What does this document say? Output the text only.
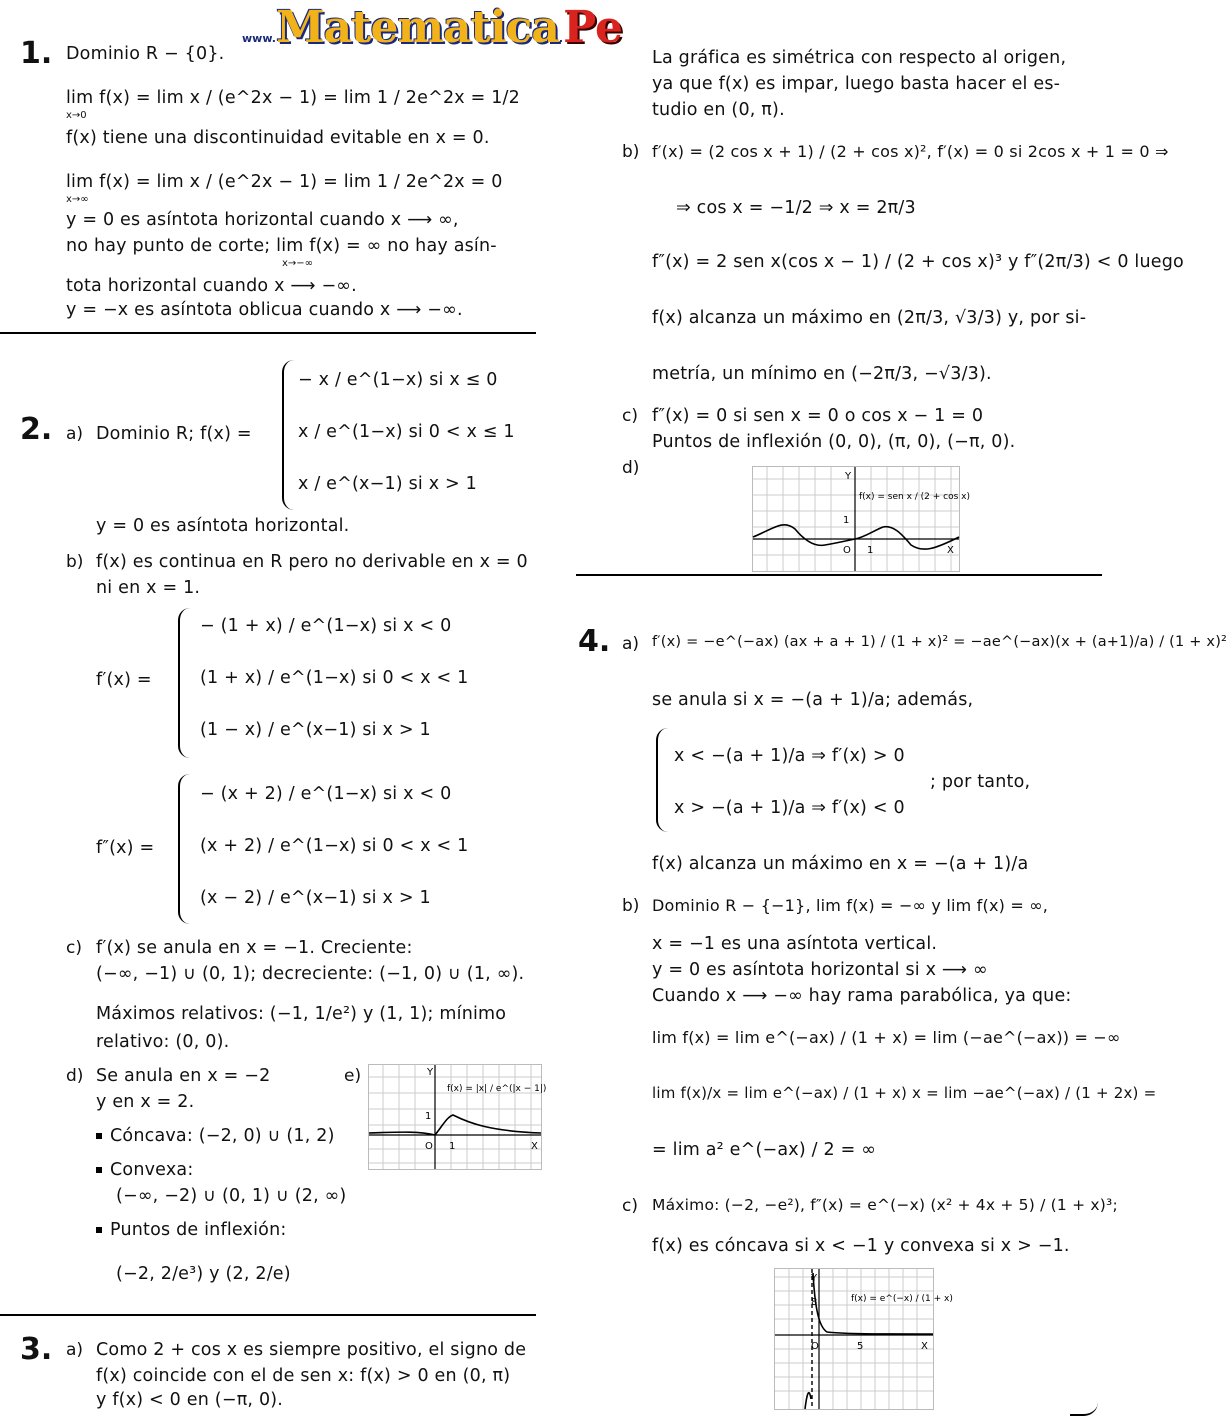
www.Matematica.Pe
1. Dominio R − {0}.
lim f(x) = lim x / (e^2x − 1) = lim 1 / 2e^2x = 1/2
x→0
f(x) tiene una discontinuidad evitable en x = 0.
lim f(x) = lim x / (e^2x − 1) = lim 1 / 2e^2x = 0
x→∞
y = 0 es asíntota horizontal cuando x ⟶ ∞,
no hay punto de corte; lim f(x) = ∞ no hay asín-
x→−∞
tota horizontal cuando x ⟶ −∞.
y = −x es asíntota oblicua cuando x ⟶ −∞.
2. a) Dominio R; f(x) =
− x / e^(1−x) si x ≤ 0
x / e^(1−x) si 0 < x ≤ 1
x / e^(x−1) si x > 1
y = 0 es asíntota horizontal.
b) f(x) es continua en R pero no derivable en x = 0
ni en x = 1.
f′(x) =
− (1 + x) / e^(1−x) si x < 0
(1 + x) / e^(1−x) si 0 < x < 1
(1 − x) / e^(x−1) si x > 1
f″(x) =
− (x + 2) / e^(1−x) si x < 0
(x + 2) / e^(1−x) si 0 < x < 1
(x − 2) / e^(x−1) si x > 1
c) f′(x) se anula en x = −1. Creciente:
(−∞, −1) ∪ (0, 1); decreciente: (−1, 0) ∪ (1, ∞).
Máximos relativos: (−1, 1/e²) y (1, 1); mínimo
relativo: (0, 0).
d) Se anula en x = −2
y en x = 2.
Cóncava: (−2, 0) ∪ (1, 2)
Convexa:
(−∞, −2) ∪ (0, 1) ∪ (2, ∞)
Puntos de inflexión:
(−2, 2/e³) y (2, 2/e)
e)	Y
X
O 1
1
f(x) = |x| / e^(|x − 1|)
3. a) Como 2 + cos x es siempre positivo, el signo de
f(x) coincide con el de sen x: f(x) > 0 en (0, π)
y f(x) < 0 en (−π, 0).
La gráfica es simétrica con respecto al origen,
ya que f(x) es impar, luego basta hacer el es-
tudio en (0, π).
b) f′(x) = (2 cos x + 1) / (2 + cos x)², f′(x) = 0 si 2cos x + 1 = 0 ⇒
⇒ cos x = −1/2 ⇒ x = 2π/3
f″(x) = 2 sen x(cos x − 1) / (2 + cos x)³ y f″(2π/3) < 0 luego
f(x) alcanza un máximo en (2π/3, √3/3) y, por si-
metría, un mínimo en (−2π/3, −√3/3).
c) f″(x) = 0 si sen x = 0 o cos x − 1 = 0
Puntos de inflexión (0, 0), (π, 0), (−π, 0).
d)	Y
X
O 1
1
f(x) = sen x / (2 + cos x)
4. a) f′(x) = −e^(−ax) (ax + a + 1) / (1 + x)² = −ae^(−ax)(x + (a+1)/a) / (1 + x)²
se anula si x = −(a + 1)/a; además,
x < −(a + 1)/a ⇒ f′(x) > 0
x > −(a + 1)/a ⇒ f′(x) < 0
; por tanto,
f(x) alcanza un máximo en x = −(a + 1)/a
b) Dominio R − {−1}, lim f(x) = −∞ y lim f(x) = ∞,
x = −1 es una asíntota vertical.
y = 0 es asíntota horizontal si x ⟶ ∞
Cuando x ⟶ −∞ hay rama parabólica, ya que:
lim f(x) = lim e^(−ax) / (1 + x) = lim (−ae^(−ax)) = −∞
lim f(x)/x = lim e^(−ax) / (1 + x) x = lim −ae^(−ax) / (1 + 2x) =
= lim a² e^(−ax) / 2 = ∞
c) Máximo: (−2, −e²), f″(x) = e^(−x) (x² + 4x + 5) / (1 + x)³;
f(x) es cóncava si x < −1 y convexa si x > −1.
Y
X
O	5
8	f(x) = e^(−x) / (1 + x)
